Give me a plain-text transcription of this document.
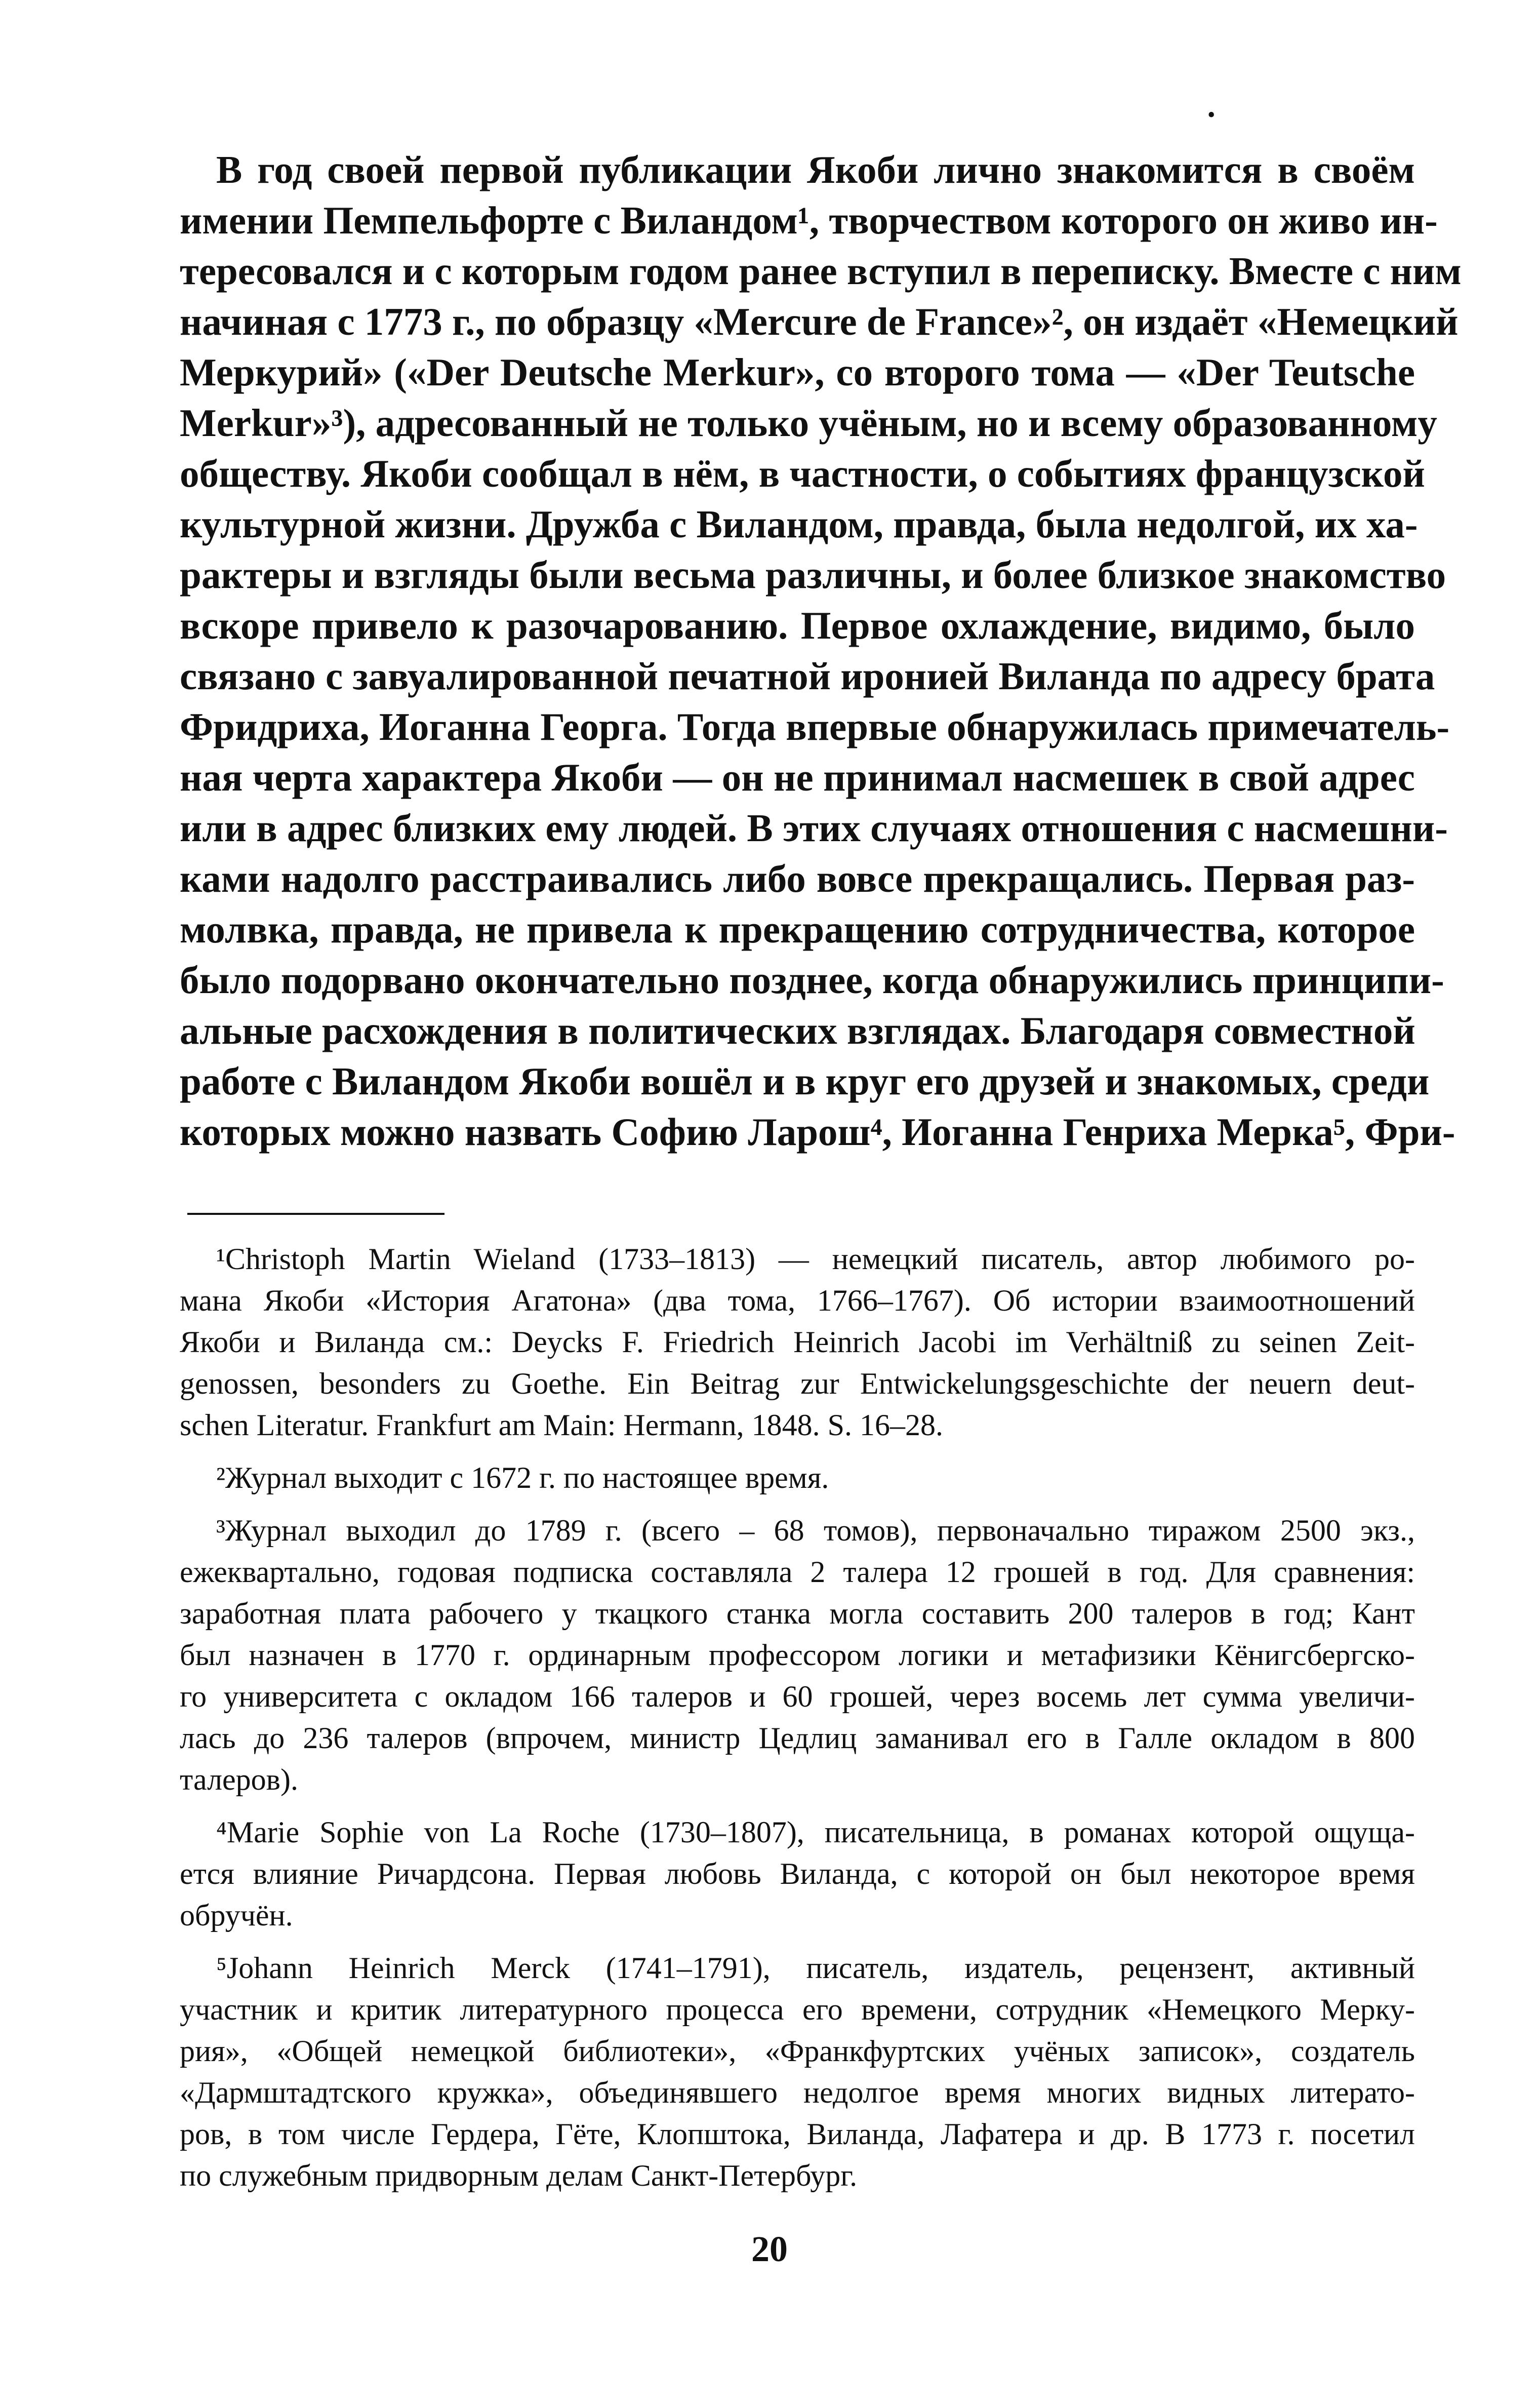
•
В год своей первой публикации Якоби лично знакомится в своём
имении Пемпельфорте с Виландом¹, творчеством которого он живо ин-
тересовался и с которым годом ранее вступил в переписку. Вместе с ним
начиная с 1773 г., по образцу «Mercure de France»², он издаёт «Немецкий
Меркурий» («Der Deutsche Merkur», со второго тома — «Der Teutsche
Merkur»³), адресованный не только учёным, но и всему образованному
обществу. Якоби сообщал в нём, в частности, о событиях французской
культурной жизни. Дружба с Виландом, правда, была недолгой, их ха-
рактеры и взгляды были весьма различны, и более близкое знакомство
вскоре привело к разочарованию. Первое охлаждение, видимо, было
связано с завуалированной печатной иронией Виланда по адресу брата
Фридриха, Иоганна Георга. Тогда впервые обнаружилась примечатель-
ная черта характера Якоби — он не принимал насмешек в свой адрес
или в адрес близких ему людей. В этих случаях отношения с насмешни-
ками надолго расстраивались либо вовсе прекращались. Первая раз-
молвка, правда, не привела к прекращению сотрудничества, которое
было подорвано окончательно позднее, когда обнаружились принципи-
альные расхождения в политических взглядах. Благодаря совместной
работе с Виландом Якоби вошёл и в круг его друзей и знакомых, среди
которых можно назвать Софию Ларош⁴, Иоганна Генриха Мерка⁵, Фри-
¹Christoph Martin Wieland (1733–1813) — немецкий писатель, автор любимого ро-
мана Якоби «История Агатона» (два тома, 1766–1767). Об истории взаимоотношений
Якоби и Виланда см.: Deycks F. Friedrich Heinrich Jacobi im Verhältniß zu seinen Zeit-
genossen, besonders zu Goethe. Ein Beitrag zur Entwickelungsgeschichte der neuern deut-
schen Literatur. Frankfurt am Main: Hermann, 1848. S. 16–28.
²Журнал выходит с 1672 г. по настоящее время.
³Журнал выходил до 1789 г. (всего – 68 томов), первоначально тиражом 2500 экз.,
ежеквартально, годовая подписка составляла 2 талера 12 грошей в год. Для сравнения:
заработная плата рабочего у ткацкого станка могла составить 200 талеров в год; Кант
был назначен в 1770 г. ординарным профессором логики и метафизики Кёнигсбергско-
го университета с окладом 166 талеров и 60 грошей, через восемь лет сумма увеличи-
лась до 236 талеров (впрочем, министр Цедлиц заманивал его в Галле окладом в 800
талеров).
⁴Marie Sophie von La Roche (1730–1807), писательница, в романах которой ощуща-
ется влияние Ричардсона. Первая любовь Виланда, с которой он был некоторое время
обручён.
⁵Johann Heinrich Merck (1741–1791), писатель, издатель, рецензент, активный
участник и критик литературного процесса его времени, сотрудник «Немецкого Мерку-
рия», «Общей немецкой библиотеки», «Франкфуртских учёных записок», создатель
«Дармштадтского кружка», объединявшего недолгое время многих видных литерато-
ров, в том числе Гердера, Гёте, Клопштока, Виланда, Лафатера и др. В 1773 г. посетил
по служебным придворным делам Санкт-Петербург.
20
